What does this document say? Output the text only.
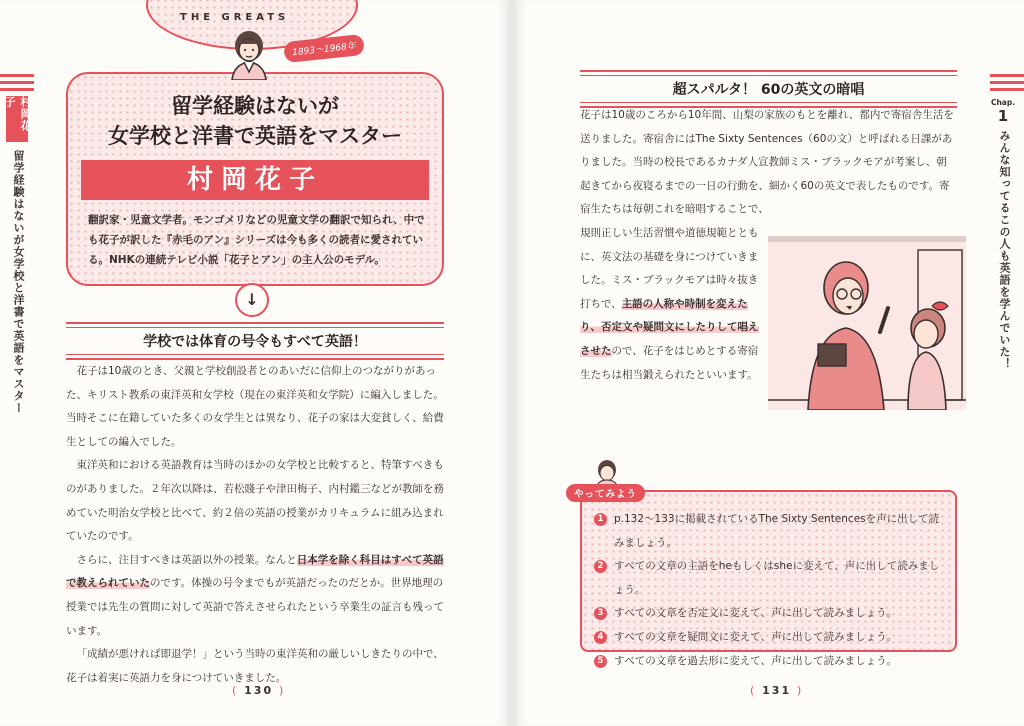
村岡花子
留学経験はないが女学校と洋書で英語をマスター
THE GREATS
1893～1968年
留学経験はないが
女学校と洋書で英語をマスター
村岡花子
翻訳家・児童文学者。モンゴメリなどの児童文学の翻訳で知られ、中でも花子が訳した『赤毛のアン』シリーズは今も多くの読者に愛されている。NHKの連続テレビ小説「花子とアン」の主人公のモデル。
↓
学校では体育の号令もすべて英語！

花子は10歳のとき、父親と学校創設者とのあいだに信仰上のつながりがあった、キリスト教系の東洋英和女学校（現在の東洋英和女学院）に編入しました。当時そこに在籍していた多くの女学生とは異なり、花子の家は大変貧しく、給費生としての編入でした。

東洋英和における英語教育は当時のほかの女学校と比較すると、特筆すべきものがありました。２年次以降は、若松賤子や津田梅子、内村鑑三などが教師を務めていた明治女学校と比べて、約２倍の英語の授業がカリキュラムに組み込まれていたのです。

さらに、注目すべきは英語以外の授業。なんと日本学を除く科目はすべて英語で教えられていたのです。体操の号令までもが英語だったのだとか。世界地理の授業では先生の質問に対して英語で答えさせられたという卒業生の証言も残っています。

「成績が悪ければ即退学！」という当時の東洋英和の厳しいしきたりの中で、花子は着実に英語力を身につけていきました。

( 130 )
Chap.
1
みんな知ってるこの人も英語を学んでいた！
超スパルタ！ 60の英文の暗唱
花子は10歳のころから10年間、山梨の家族のもとを離れ、都内で寄宿舎生活を送りました。寄宿舎にはThe Sixty Sentences（60の文）と呼ばれる日課がありました。当時の校長であるカナダ人宣教師ミス・ブラックモアが考案し、朝起きてから夜寝るまでの一日の行動を、細かく60の英文で表したものです。寄宿生たちは毎朝これを暗唱することで、
規則正しい生活習慣や道徳規範とともに、英文法の基礎を身につけていきました。ミス・ブラックモアは時々抜き打ちで、主語の人称や時制を変えたり、否定文や疑問文にしたりして唱えさせたので、花子をはじめとする寄宿生たちは相当鍛えられたといいます。
やってみよう
1	p.132～133に掲載されているThe Sixty Sentencesを声に出して読みましょう。
2	すべての文章の主語をheもしくはsheに変えて、声に出して読みましょう。
3	すべての文章を否定文に変えて、声に出して読みましょう。
4	すべての文章を疑問文に変えて、声に出して読みましょう。
5	すべての文章を過去形に変えて、声に出して読みましょう。
( 131 )
